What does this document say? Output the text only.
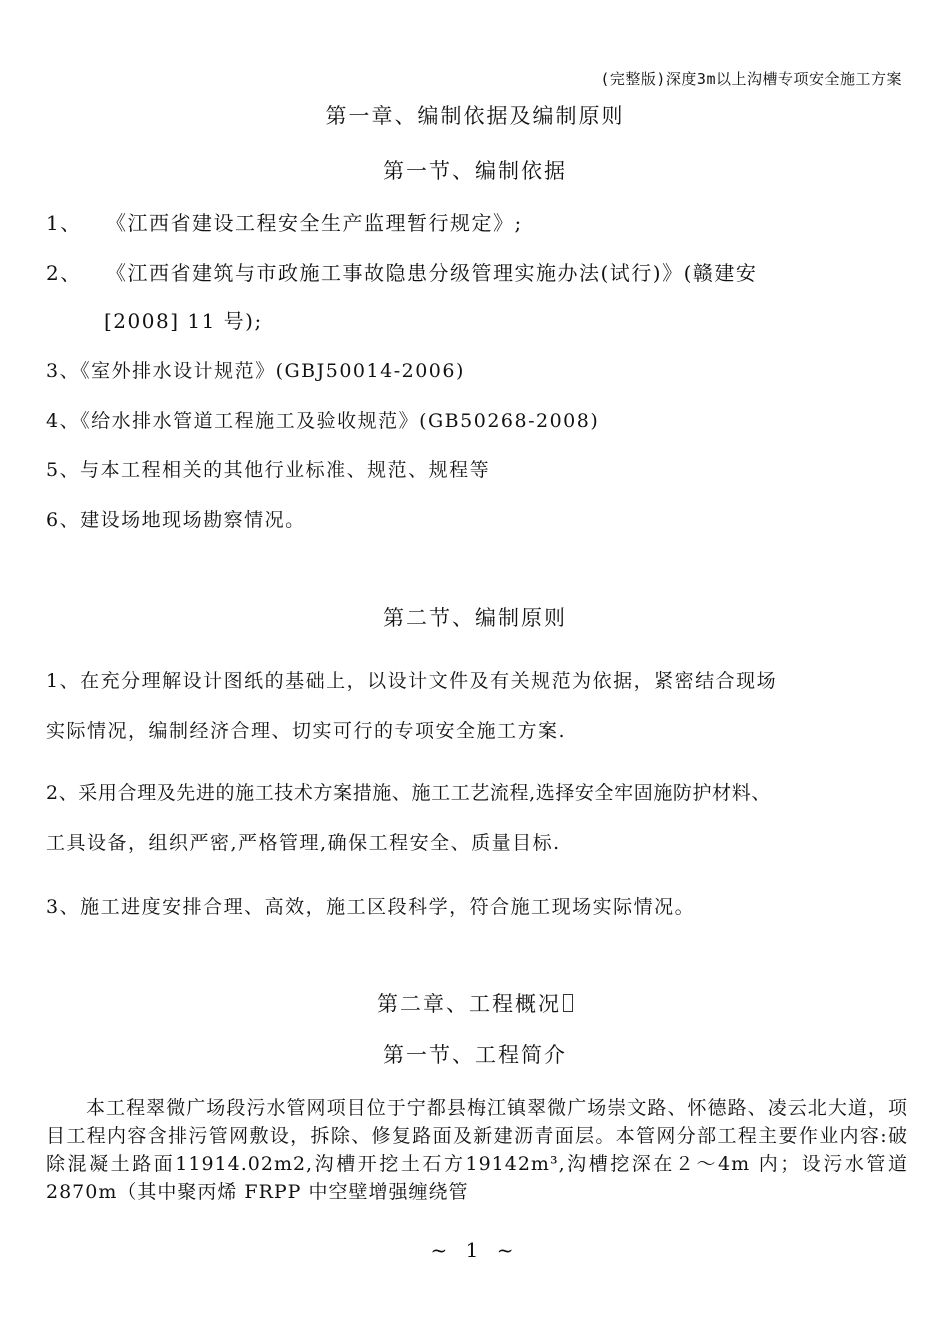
(完整版)深度3m以上沟槽专项安全施工方案
第一章、编制依据及编制原则
第一节、编制依据
1、 《江西省建设工程安全生产监理暂行规定》;
2、 《江西省建筑与市政施工事故隐患分级管理实施办法(试行)》(赣建安
[2008] 11 号);
3、《室外排水设计规范》(GBJ50014-2006)
4、《给水排水管道工程施工及验收规范》(GB50268-2008)
5、与本工程相关的其他行业标准、规范、规程等
6、建设场地现场勘察情况。
第二节、编制原则
1、在充分理解设计图纸的基础上，以设计文件及有关规范为依据，紧密结合现场
实际情况，编制经济合理、切实可行的专项安全施工方案.
2、采用合理及先进的施工技术方案措施、施工工艺流程,选择安全牢固施防护材料、
工具设备，组织严密,严格管理,确保工程安全、质量目标.
3、施工进度安排合理、高效，施工区段科学，符合施工现场实际情况。
第二章、工程概况
第一节、工程简介
本工程翠微广场段污水管网项目位于宁都县梅江镇翠微广场崇文路、怀德路、凌云北大道，项目工程内容含排污管网敷设，拆除、修复路面及新建沥青面层。本管网分部工程主要作业内容:破除混凝土路面11914.02m2,沟槽开挖土石方19142m³,沟槽挖深在２～4m 内；设污水管道 2870m（其中聚丙烯 FRPP 中空壁增强缠绕管
~ 1 ~
